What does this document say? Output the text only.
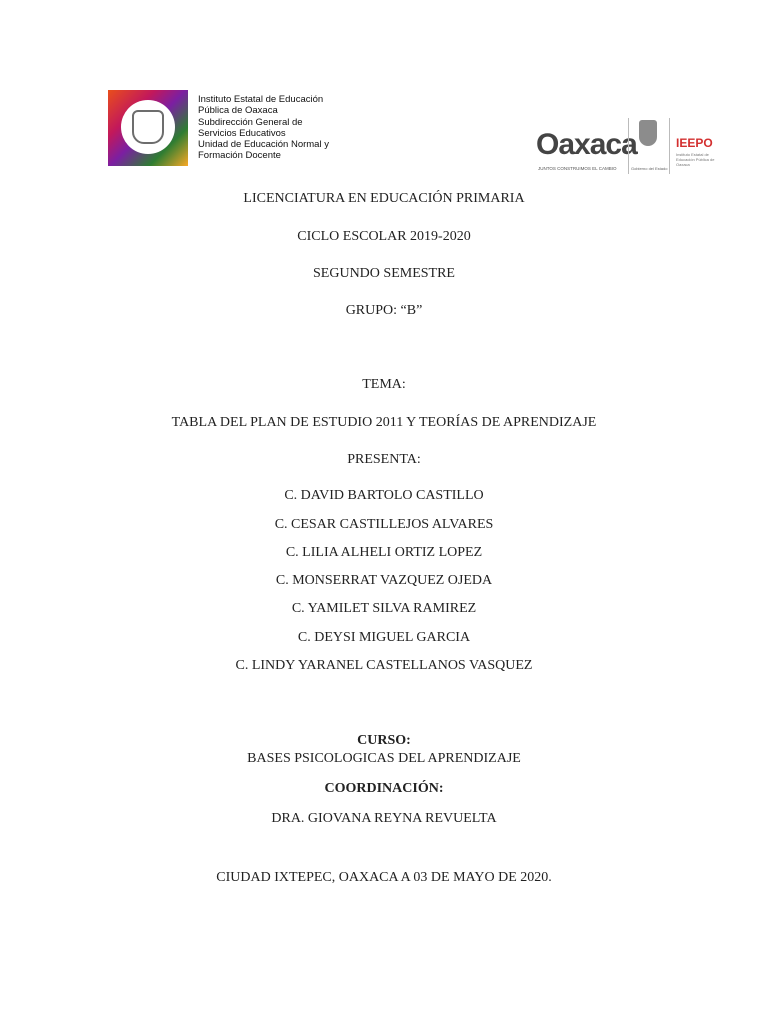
Instituto Estatal de Educación
Pública de Oaxaca
Subdirección General de
Servicios Educativos
Unidad de Educación Normal y
Formación Docente	Oaxaca
JUNTOS CONSTRUIMOS EL CAMBIO	Gobierno del Estado
IEEPO
Instituto Estatal de Educación Pública de Oaxaca
LICENCIATURA EN EDUCACIÓN PRIMARIA
CICLO ESCOLAR 2019-2020
SEGUNDO SEMESTRE
GRUPO: “B”
TEMA:
TABLA DEL PLAN DE ESTUDIO 2011 Y TEORÍAS DE APRENDIZAJE
PRESENTA:
C. DAVID BARTOLO CASTILLO
C. CESAR CASTILLEJOS ALVARES
C. LILIA ALHELI ORTIZ LOPEZ
C. MONSERRAT VAZQUEZ OJEDA
C. YAMILET SILVA RAMIREZ
C. DEYSI MIGUEL GARCIA
C. LINDY YARANEL CASTELLANOS VASQUEZ
CURSO:
BASES PSICOLOGICAS DEL APRENDIZAJE
COORDINACIÓN:
DRA. GIOVANA REYNA REVUELTA
CIUDAD IXTEPEC, OAXACA A 03 DE MAYO DE 2020.
